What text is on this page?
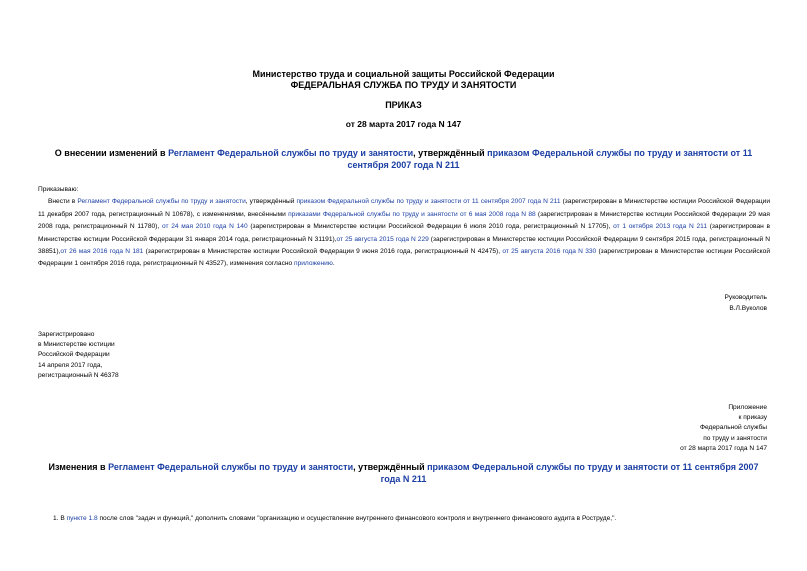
Министерство труда и социальной защиты Российской Федерации
ФЕДЕРАЛЬНАЯ СЛУЖБА ПО ТРУДУ И ЗАНЯТОСТИ
ПРИКАЗ
от 28 марта 2017 года N 147
О внесении изменений в Регламент Федеральной службы по труду и занятости, утверждённый приказом Федеральной службы по труду и занятости от 11 сентября 2007 года N 211

Приказываю:

Внести в Регламент Федеральной службы по труду и занятости, утверждённый приказом Федеральной службы по труду и занятости от 11 сентября 2007 года N 211 (зарегистрирован в Министерстве юстиции Российской Федерации 11 декабря 2007 года, регистрационный N 10678), с изменениями, внесёнными приказами Федеральной службы по труду и занятости от 6 мая 2008 года N 88 (зарегистрирован в Министерстве юстиции Российской Федерации 29 мая 2008 года, регистрационный N 11780), от 24 мая 2010 года N 140 (зарегистрирован в Министерстве юстиции Российской Федерации 6 июля 2010 года, регистрационный N 17705), от 1 октября 2013 года N 211 (зарегистрирован в Министерстве юстиции Российской Федерации 31 января 2014 года, регистрационный N 31191),от 25 августа 2015 года N 229 (зарегистрирован в Министерстве юстиции Российской Федерации 9 сентября 2015 года, регистрационный N 38851),от 26 мая 2016 года N 181 (зарегистрирован в Министерстве юстиции Российской Федерации 9 июня 2016 года, регистрационный N 42475), от 25 августа 2016 года N 330 (зарегистрирован в Министерстве юстиции Российской Федерации 1 сентября 2016 года, регистрационный N 43527), изменения согласно приложению.

Руководитель
В.Л.Вуколов
Зарегистрировано
в Министерстве юстиции
Российской Федерации
14 апреля 2017 года,
регистрационный N 46378
Приложение
к приказу
Федеральной службы
по труду и занятости
от 28 марта 2017 года N 147
Изменения в Регламент Федеральной службы по труду и занятости, утверждённый приказом Федеральной службы по труду и занятости от 11 сентября 2007 года N 211
1. В пункте 1.8 после слов "задач и функций," дополнить словами "организацию и осуществление внутреннего финансового контроля и внутреннего финансового аудита в Роструде,".
